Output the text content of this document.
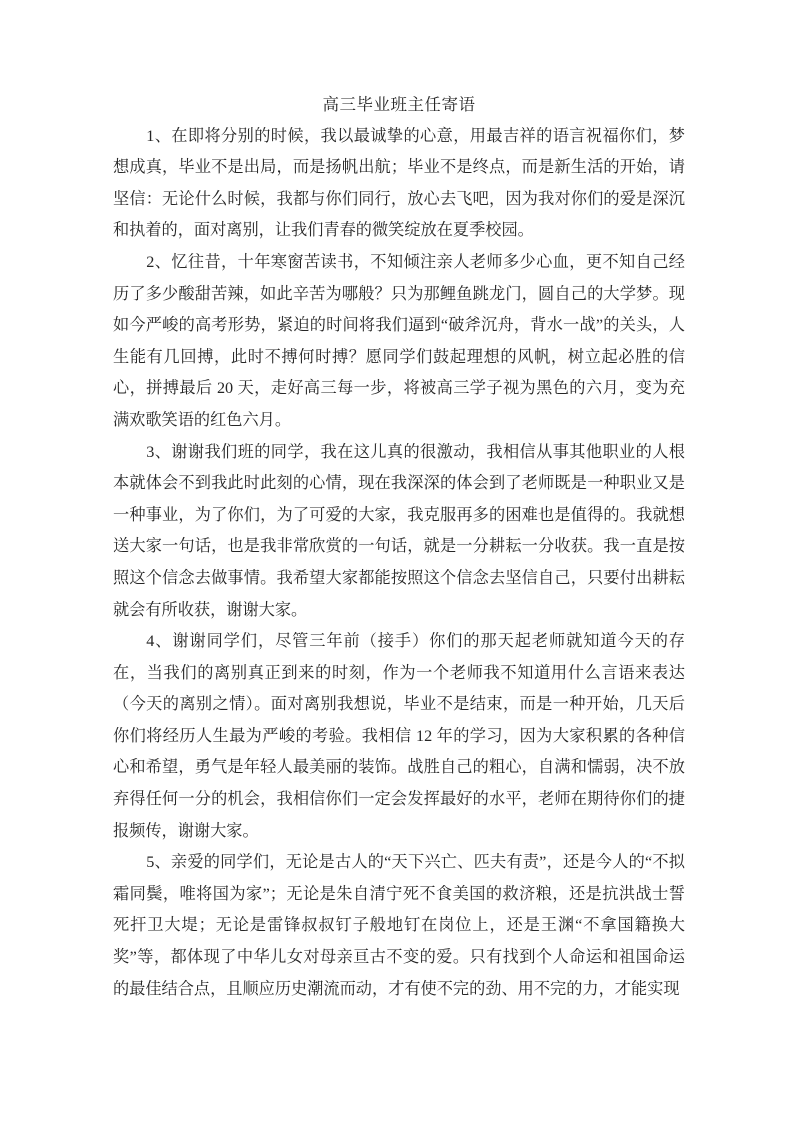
高三毕业班主任寄语

1、在即将分别的时候，我以最诚挚的心意，用最吉祥的语言祝福你们，梦想成真，毕业不是出局，而是扬帆出航；毕业不是终点，而是新生活的开始，请坚信：无论什么时候，我都与你们同行，放心去飞吧，因为我对你们的爱是深沉和执着的，面对离别，让我们青春的微笑绽放在夏季校园。

2、忆往昔，十年寒窗苦读书，不知倾注亲人老师多少心血，更不知自己经历了多少酸甜苦辣，如此辛苦为哪般？只为那鲤鱼跳龙门，圆自己的大学梦。现如今严峻的高考形势，紧迫的时间将我们逼到“破斧沉舟，背水一战”的关头，人生能有几回搏，此时不搏何时搏？愿同学们鼓起理想的风帆，树立起必胜的信心，拼搏最后 20 天，走好高三每一步，将被高三学子视为黑色的六月，变为充满欢歌笑语的红色六月。

3、谢谢我们班的同学，我在这儿真的很激动，我相信从事其他职业的人根本就体会不到我此时此刻的心情，现在我深深的体会到了老师既是一种职业又是一种事业，为了你们，为了可爱的大家，我克服再多的困难也是值得的。我就想送大家一句话，也是我非常欣赏的一句话，就是一分耕耘一分收获。我一直是按照这个信念去做事情。我希望大家都能按照这个信念去坚信自己，只要付出耕耘就会有所收获，谢谢大家。

4、谢谢同学们，尽管三年前（接手）你们的那天起老师就知道今天的存在，当我们的离别真正到来的时刻，作为一个老师我不知道用什么言语来表达（今天的离别之情）。面对离别我想说，毕业不是结束，而是一种开始，几天后你们将经历人生最为严峻的考验。我相信 12 年的学习，因为大家积累的各种信心和希望，勇气是年轻人最美丽的装饰。战胜自己的粗心，自满和懦弱，决不放弃得任何一分的机会，我相信你们一定会发挥最好的水平，老师在期待你们的捷报频传，谢谢大家。

5、亲爱的同学们，无论是古人的“天下兴亡、匹夫有责”，还是今人的“不拟霜同鬓，唯将国为家”；无论是朱自清宁死不食美国的救济粮，还是抗洪战士誓死扞卫大堤；无论是雷锋叔叔钉子般地钉在岗位上，还是王渊“不拿国籍换大奖”等，都体现了中华儿女对母亲亘古不变的爱。只有找到个人命运和祖国命运的最佳结合点，且顺应历史潮流而动，才有使不完的劲、用不完的力，才能实现
